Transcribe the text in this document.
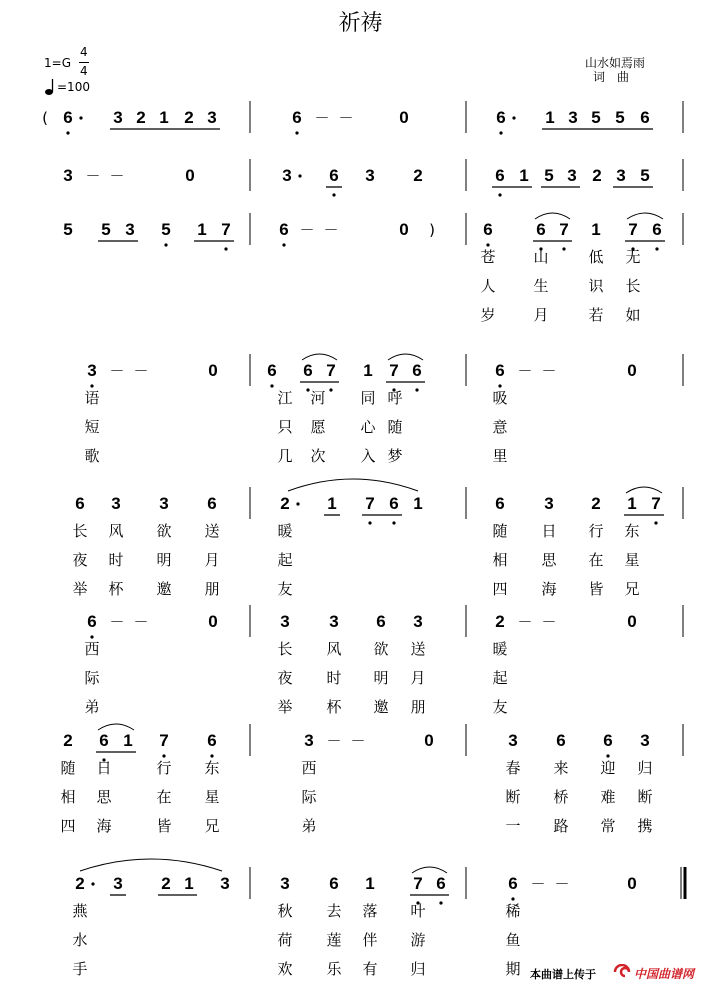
祈祷
1=G
4
4
=100
山水如焉雨
词　曲
( 6 3 2 1 2 3	6 － －	0	6 1 3 5 5 6
3 － －	0	3 6 3 2	6 1 5 3 2 3 5
5 5 3 5 1 7	6 － －	0 )	6	6 7 1 7 6
苍	山	低 无
人	生	识 长
岁	月	若 如
3 － －	0	6 6 7 1 7 6	6 － －	0
语	江 河 同 呼	吸
短	只 愿 心 随	意
歌	几 次 入 梦	里
6 3 3 6	2 1 7 6 1	6 3 2 1 7
长 风 欲 送	暖	随 日 行 东
夜 时 明 月	起	相 思 在 星
举 杯 邀 朋	友	四 海 皆 兄
6 － －	0	3 3 6 3	2 － －	0
西	长 风 欲 送	暖
际	夜 时 明 月	起
弟	举 杯 邀 朋	友
2 6 1 7 6	3 － －	0	3 6 6 3
随 日	行 东	西	春 来 迎 归
相 思	在 星	际	断 桥 难 断
四 海	皆 兄	弟	一 路 常 携
2 3 2 1 3	3 6 1 7 6	6 － －	0
燕	秋 去 落 叶	稀
水	荷 莲 伴 游	鱼
手	欢 乐 有 归	期 本曲谱上传于	中国曲谱网
